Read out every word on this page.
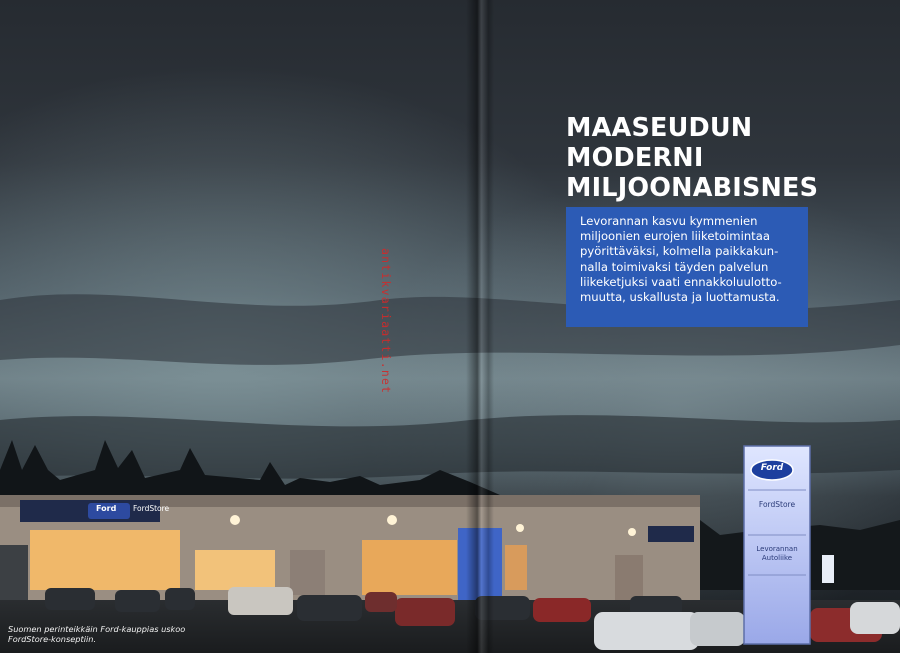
Ford FordStore
Ford
FordStore
Levorannan
Autoliike
MAASEUDUN
MODERNI
MILJOONABISNES
Levorannan kasvu kymmenien
miljoonien eurojen liiketoimintaa
pyörittäväksi, kolmella paikkakun-
nalla toimivaksi täyden palvelun
liikeketjuksi vaati ennakkoluulotto-
muutta, uskallusta ja luottamusta.
antikvariaatti.net
Suomen perinteikkäin Ford-kauppias uskoo
FordStore-konseptiin.
